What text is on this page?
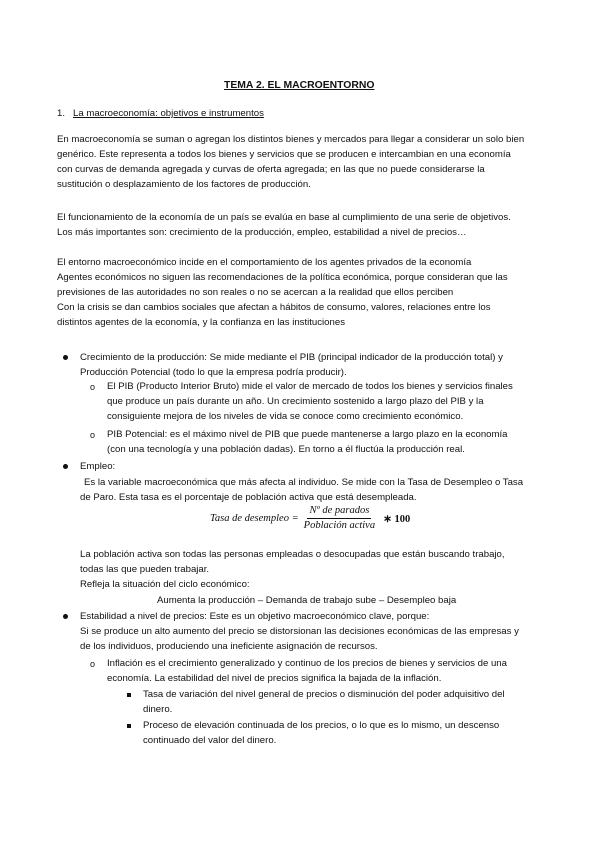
TEMA 2. EL MACROENTORNO
1. La macroeconomía: objetivos e instrumentos
En macroeconomía se suman o agregan los distintos bienes y mercados para llegar a considerar un solo bien
genérico. Este representa a todos los bienes y servicios que se producen e intercambian en una economía
con curvas de demanda agregada y curvas de oferta agregada; en las que no puede considerarse la
sustitución o desplazamiento de los factores de producción.
El funcionamiento de la economía de un país se evalúa en base al cumplimiento de una serie de objetivos.
Los más importantes son: crecimiento de la producción, empleo, estabilidad a nivel de precios…
El entorno macroeconómico incide en el comportamiento de los agentes privados de la economía
Agentes económicos no siguen las recomendaciones de la política económica, porque consideran que las
previsiones de las autoridades no son reales o no se acercan a la realidad que ellos perciben
Con la crisis se dan cambios sociales que afectan a hábitos de consumo, valores, relaciones entre los
distintos agentes de la economía, y la confianza en las instituciones
Crecimiento de la producción: Se mide mediante el PIB (principal indicador de la producción total) y
Producción Potencial (todo lo que la empresa podría producir).
o El PIB (Producto Interior Bruto) mide el valor de mercado de todos los bienes y servicios finales
que produce un país durante un año. Un crecimiento sostenido a largo plazo del PIB y la
consiguiente mejora de los niveles de vida se conoce como crecimiento económico.
o PIB Potencial: es el máximo nivel de PIB que puede mantenerse a largo plazo en la economía
(con una tecnología y una población dadas). En torno a él fluctúa la producción real.
Empleo:
Es la variable macroeconómica que más afecta al individuo. Se mide con la Tasa de Desempleo o Tasa
de Paro. Esta tasa es el porcentaje de población activa que está desempleada.
Tasa de desempleo = $\frac{\text{Nº de parados}}{\text{Población activa}}$ ∗ 100
La población activa son todas las personas empleadas o desocupadas que están buscando trabajo,
todas las que pueden trabajar.
Refleja la situación del ciclo económico:
Aumenta la producción – Demanda de trabajo sube – Desempleo baja
Estabilidad a nivel de precios: Este es un objetivo macroeconómico clave, porque:
Si se produce un alto aumento del precio se distorsionan las decisiones económicas de las empresas y
de los individuos, produciendo una ineficiente asignación de recursos.
o Inflación es el crecimiento generalizado y continuo de los precios de bienes y servicios de una
economía. La estabilidad del nivel de precios significa la bajada de la inflación.
Tasa de variación del nivel general de precios o disminución del poder adquisitivo del
dinero.
Proceso de elevación continuada de los precios, o lo que es lo mismo, un descenso
continuado del valor del dinero.
